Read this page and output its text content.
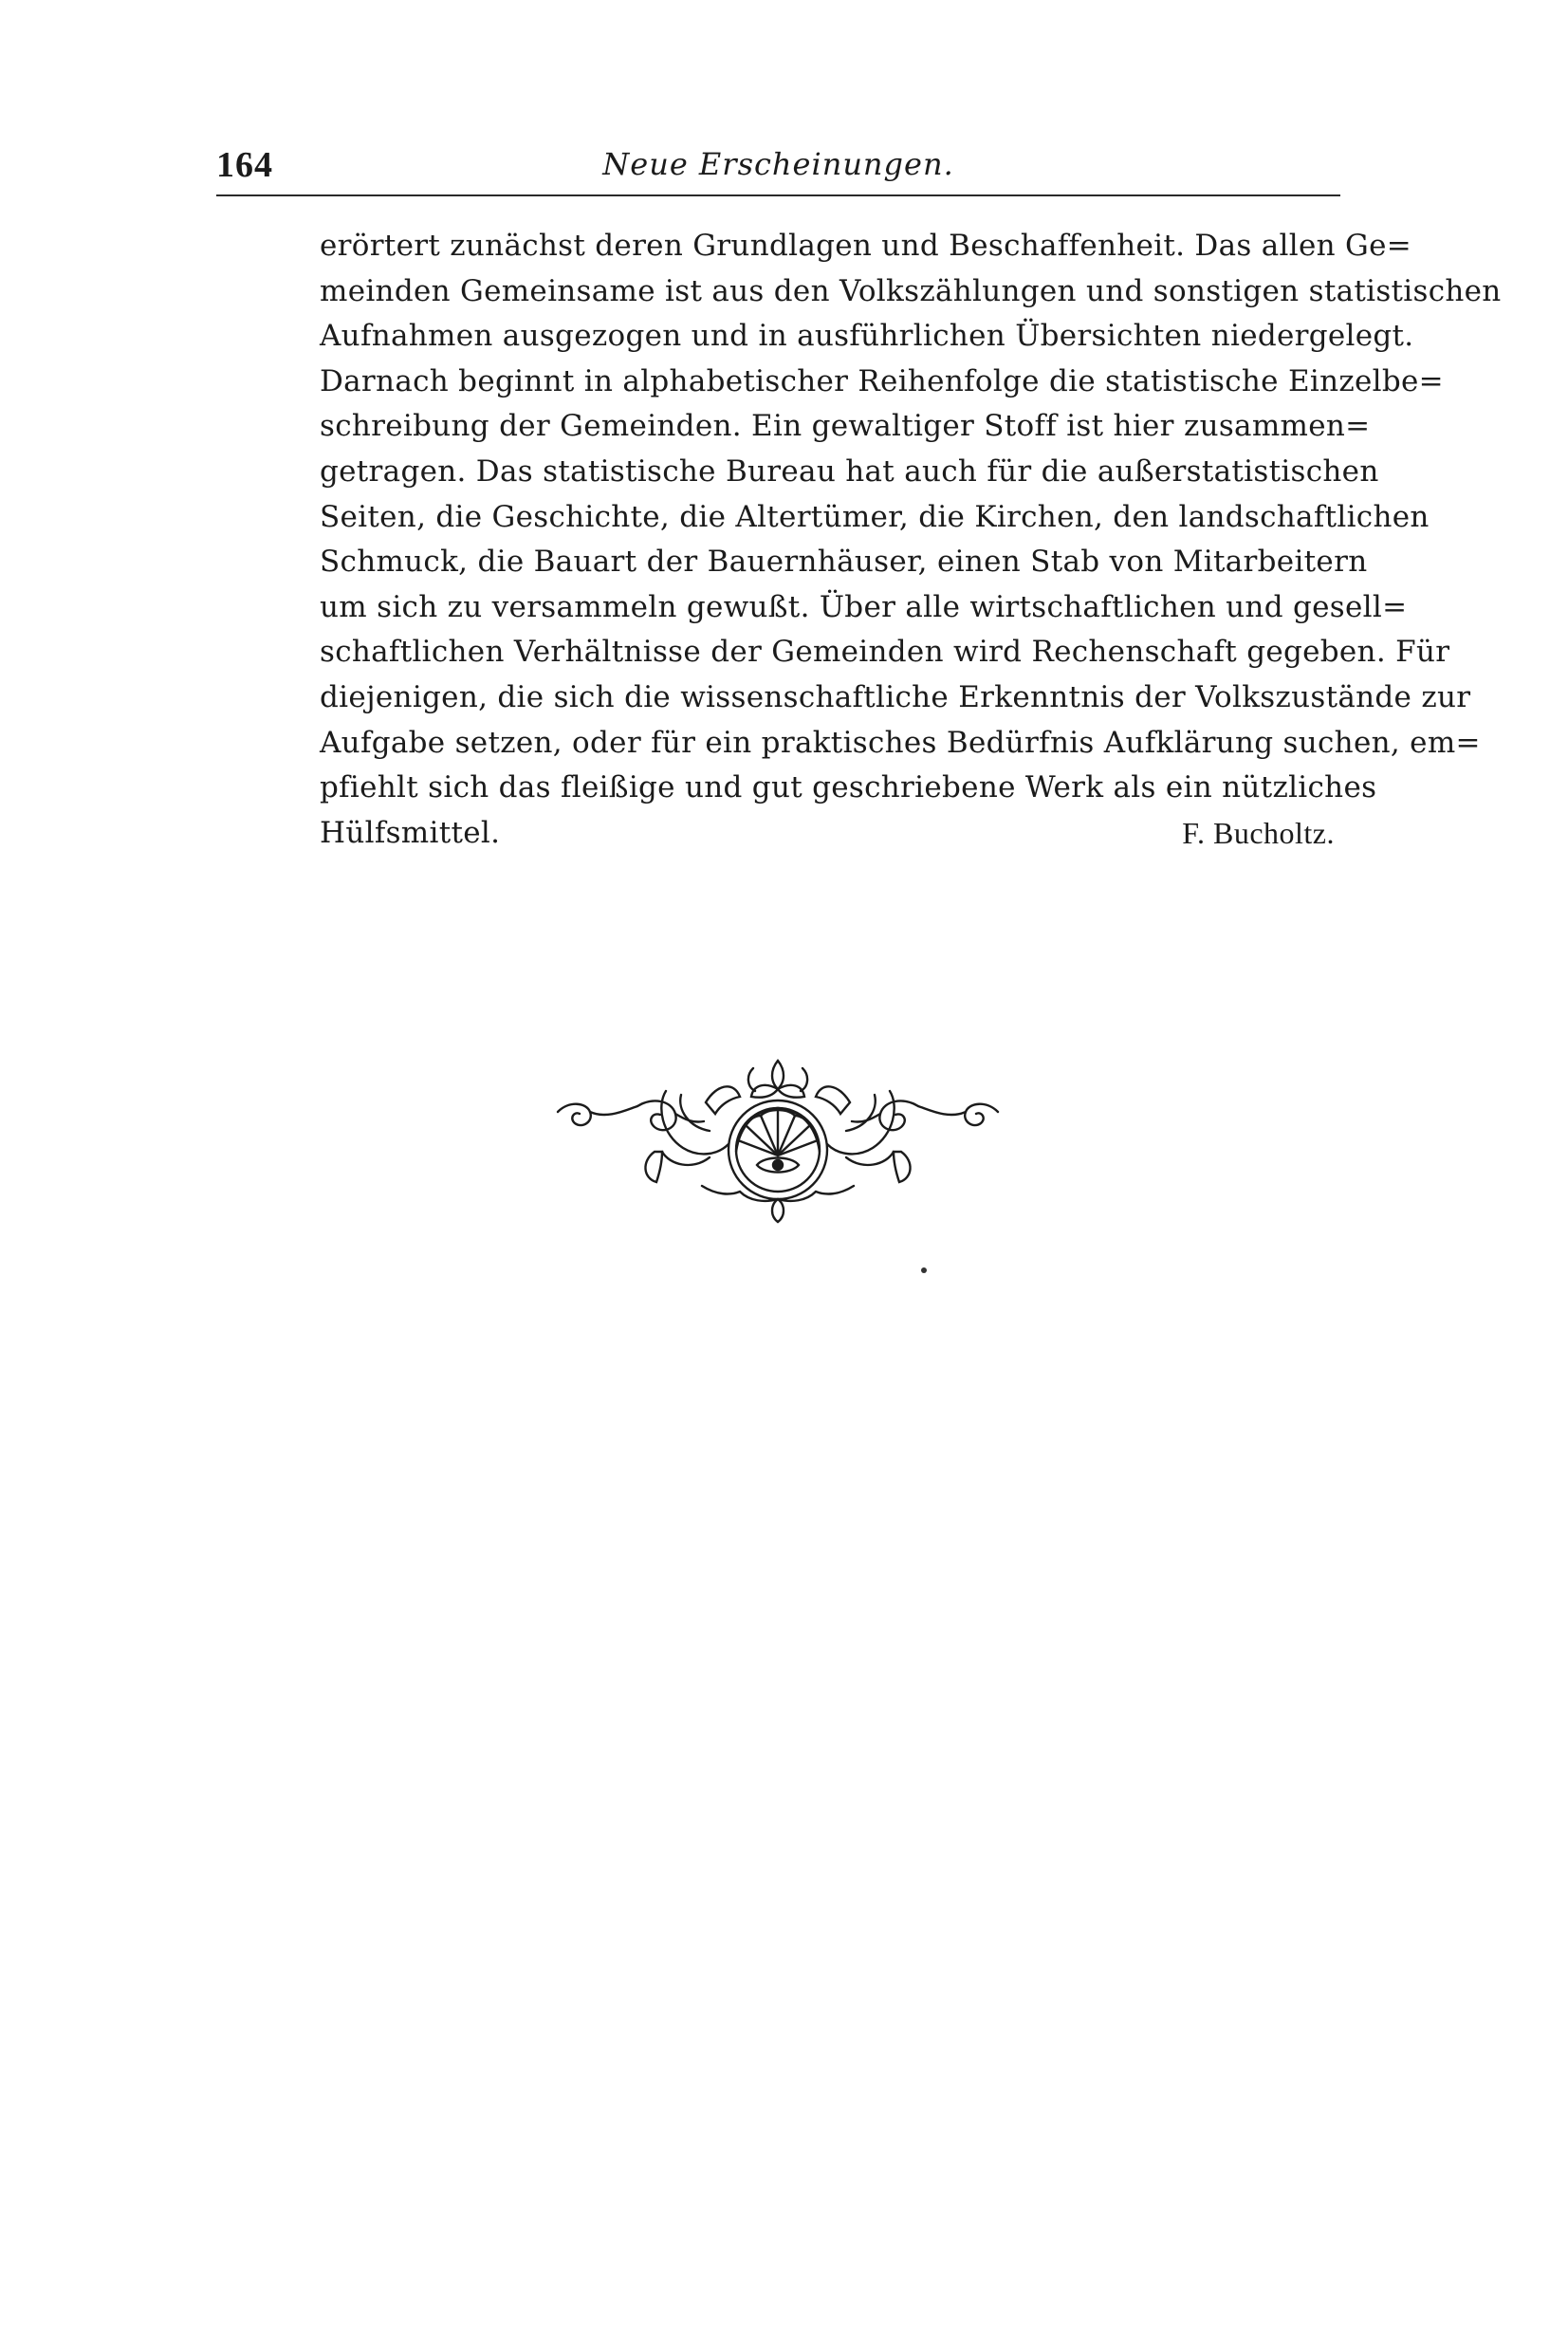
164	Neue Erscheinungen.
erörtert zunächst deren Grundlagen und Beschaffenheit. Das allen Ge=
meinden Gemeinsame ist aus den Volkszählungen und sonstigen statistischen
Aufnahmen ausgezogen und in ausführlichen Übersichten niedergelegt.
Darnach beginnt in alphabetischer Reihenfolge die statistische Einzelbe=
schreibung der Gemeinden. Ein gewaltiger Stoff ist hier zusammen=
getragen. Das statistische Bureau hat auch für die außerstatistischen
Seiten, die Geschichte, die Altertümer, die Kirchen, den landschaftlichen
Schmuck, die Bauart der Bauernhäuser, einen Stab von Mitarbeitern
um sich zu versammeln gewußt. Über alle wirtschaftlichen und gesell=
schaftlichen Verhältnisse der Gemeinden wird Rechenschaft gegeben. Für
diejenigen, die sich die wissenschaftliche Erkenntnis der Volkszustände zur
Aufgabe setzen, oder für ein praktisches Bedürfnis Aufklärung suchen, em=
pfiehlt sich das fleißige und gut geschriebene Werk als ein nützliches
Hülfsmittel.	F. Bucholtz.
